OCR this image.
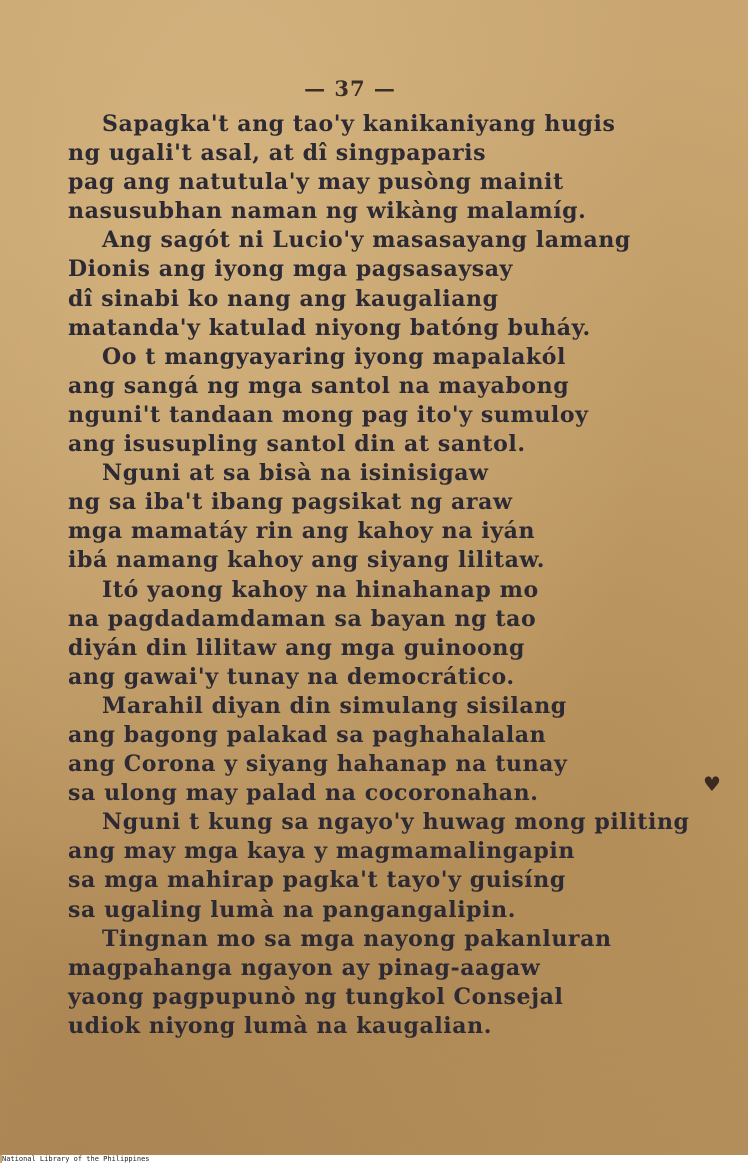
— 37 —
Sapagka't ang tao'y kanikaniyang hugis
ng ugali't asal, at dî singpaparis
pag ang natutula'y may pusòng mainit
nasusubhan naman ng wikàng malamíg.
Ang sagót ni Lucio'y masasayang lamang
Dionis ang iyong mga pagsasaysay
dî sinabi ko nang ang kaugaliang
matanda'y katulad niyong batóng buháy.
Oo t mangyayaring iyong mapalakól
ang sangá ng mga santol na mayabong
nguni't tandaan mong pag ito'y sumuloy
ang isusupling santol din at santol.
Nguni at sa bisà na isinisigaw
ng sa iba't ibang pagsikat ng araw
mga mamatáy rin ang kahoy na iyán
ibá namang kahoy ang siyang lilitaw.
Itó yaong kahoy na hinahanap mo
na pagdadamdaman sa bayan ng tao
diyán din lilitaw ang mga guinoong
ang gawai'y tunay na democrático.
Marahil diyan din simulang sisilang
ang bagong palakad sa paghahalalan
ang Corona y siyang hahanap na tunay
sa ulong may palad na cocoronahan.
Nguni t kung sa ngayo'y huwag mong piliting
ang may mga kaya y magmamalingapin
sa mga mahirap pagka't tayo'y guisíng
sa ugaling lumà na pangangalipin.
Tingnan mo sa mga nayong pakanluran
magpahanga ngayon ay pinag-aagaw
yaong pagpupunò ng tungkol Consejal
udiok niyong lumà na kaugalian.
♥
National Library of the Philippines
